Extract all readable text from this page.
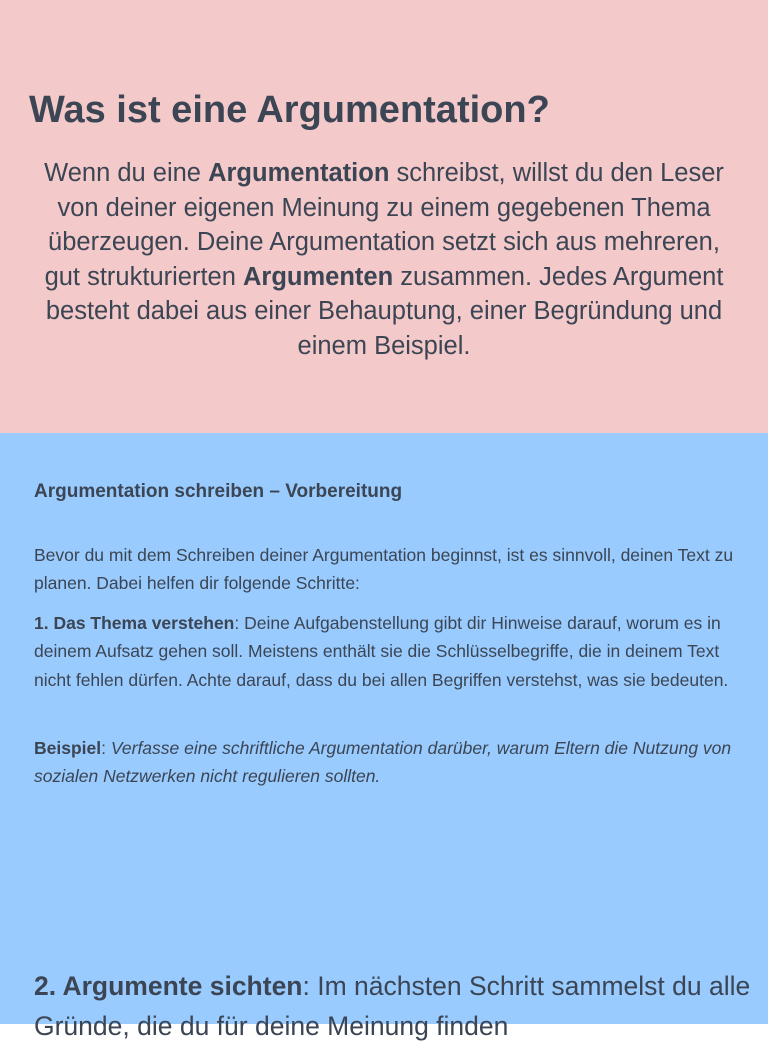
Was ist eine Argumentation?

Wenn du eine Argumentation schreibst, willst du den Leser von deiner eigenen Meinung zu einem gegebenen Thema überzeugen. Deine Argumentation setzt sich aus mehreren, gut strukturierten Argumenten zusammen. Jedes Argument besteht dabei aus einer Behauptung, einer Begründung und einem Beispiel.

Argumentation schreiben – Vorbereitung

Bevor du mit dem Schreiben deiner Argumentation beginnst, ist es sinnvoll, deinen Text zu planen. Dabei helfen dir folgende Schritte:

1. Das Thema verstehen: Deine Aufgabenstellung gibt dir Hinweise darauf, worum es in deinem Aufsatz gehen soll. Meistens enthält sie die Schlüsselbegriffe, die in deinem Text nicht fehlen dürfen. Achte darauf, dass du bei allen Begriffen verstehst, was sie bedeuten.

Beispiel: Verfasse eine schriftliche Argumentation darüber, warum Eltern die Nutzung von sozialen Netzwerken nicht regulieren sollten.

2. Argumente sichten: Im nächsten Schritt sammelst du alle Gründe, die du für deine Meinung finden
